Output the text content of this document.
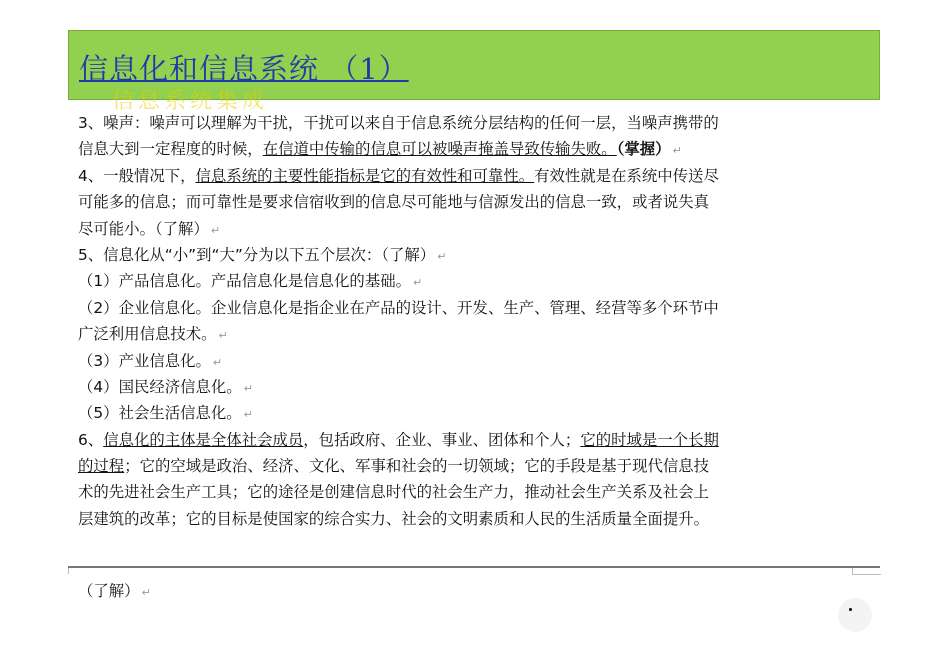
信息化和信息系统 （1）
信息系统集成
3、噪声：噪声可以理解为干扰，干扰可以来自于信息系统分层结构的任何一层，当噪声携带的
信息大到一定程度的时候，在信道中传输的信息可以被噪声掩盖导致传输失败。（掌握） ↵
4、一般情况下，信息系统的主要性能指标是它的有效性和可靠性。有效性就是在系统中传送尽
可能多的信息；而可靠性是要求信宿收到的信息尽可能地与信源发出的信息一致，或者说失真
尽可能小。（了解） ↵
5、信息化从“小”到“大”分为以下五个层次：（了解） ↵
（1）产品信息化。产品信息化是信息化的基础。 ↵
（2）企业信息化。企业信息化是指企业在产品的设计、开发、生产、管理、经营等多个环节中
广泛利用信息技术。 ↵
（3）产业信息化。 ↵
（4）国民经济信息化。 ↵
（5）社会生活信息化。 ↵
6、信息化的主体是全体社会成员，包括政府、企业、事业、团体和个人；它的时域是一个长期
的过程；它的空域是政治、经济、文化、军事和社会的一切领域；它的手段是基于现代信息技
术的先进社会生产工具；它的途径是创建信息时代的社会生产力，推动社会生产关系及社会上
层建筑的改革；它的目标是使国家的综合实力、社会的文明素质和人民的生活质量全面提升。
（了解） ↵
